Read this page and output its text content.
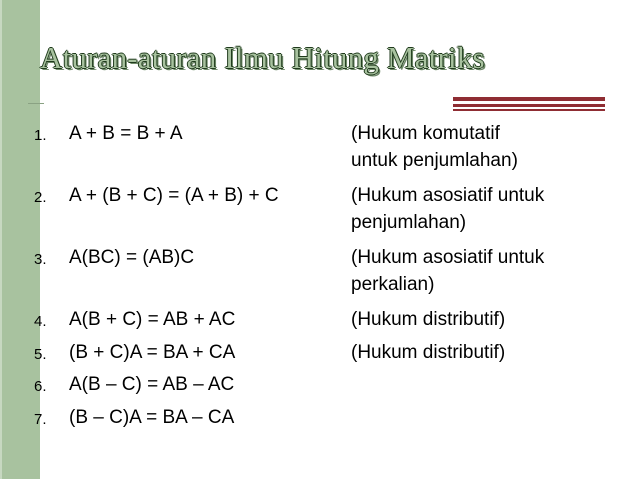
Aturan-aturan Ilmu Hitung Matriks
1. A + B = B + A	(Hukum komutatif
untuk penjumlahan)
2. A + (B + C) = (A + B) + C	(Hukum asosiatif untuk
penjumlahan)
3. A(BC) = (AB)C	(Hukum asosiatif untuk
perkalian)
4. A(B + C) = AB + AC	(Hukum distributif)
5. (B + C)A = BA + CA	(Hukum distributif)
6. A(B – C) = AB – AC
7. (B – C)A = BA – CA
